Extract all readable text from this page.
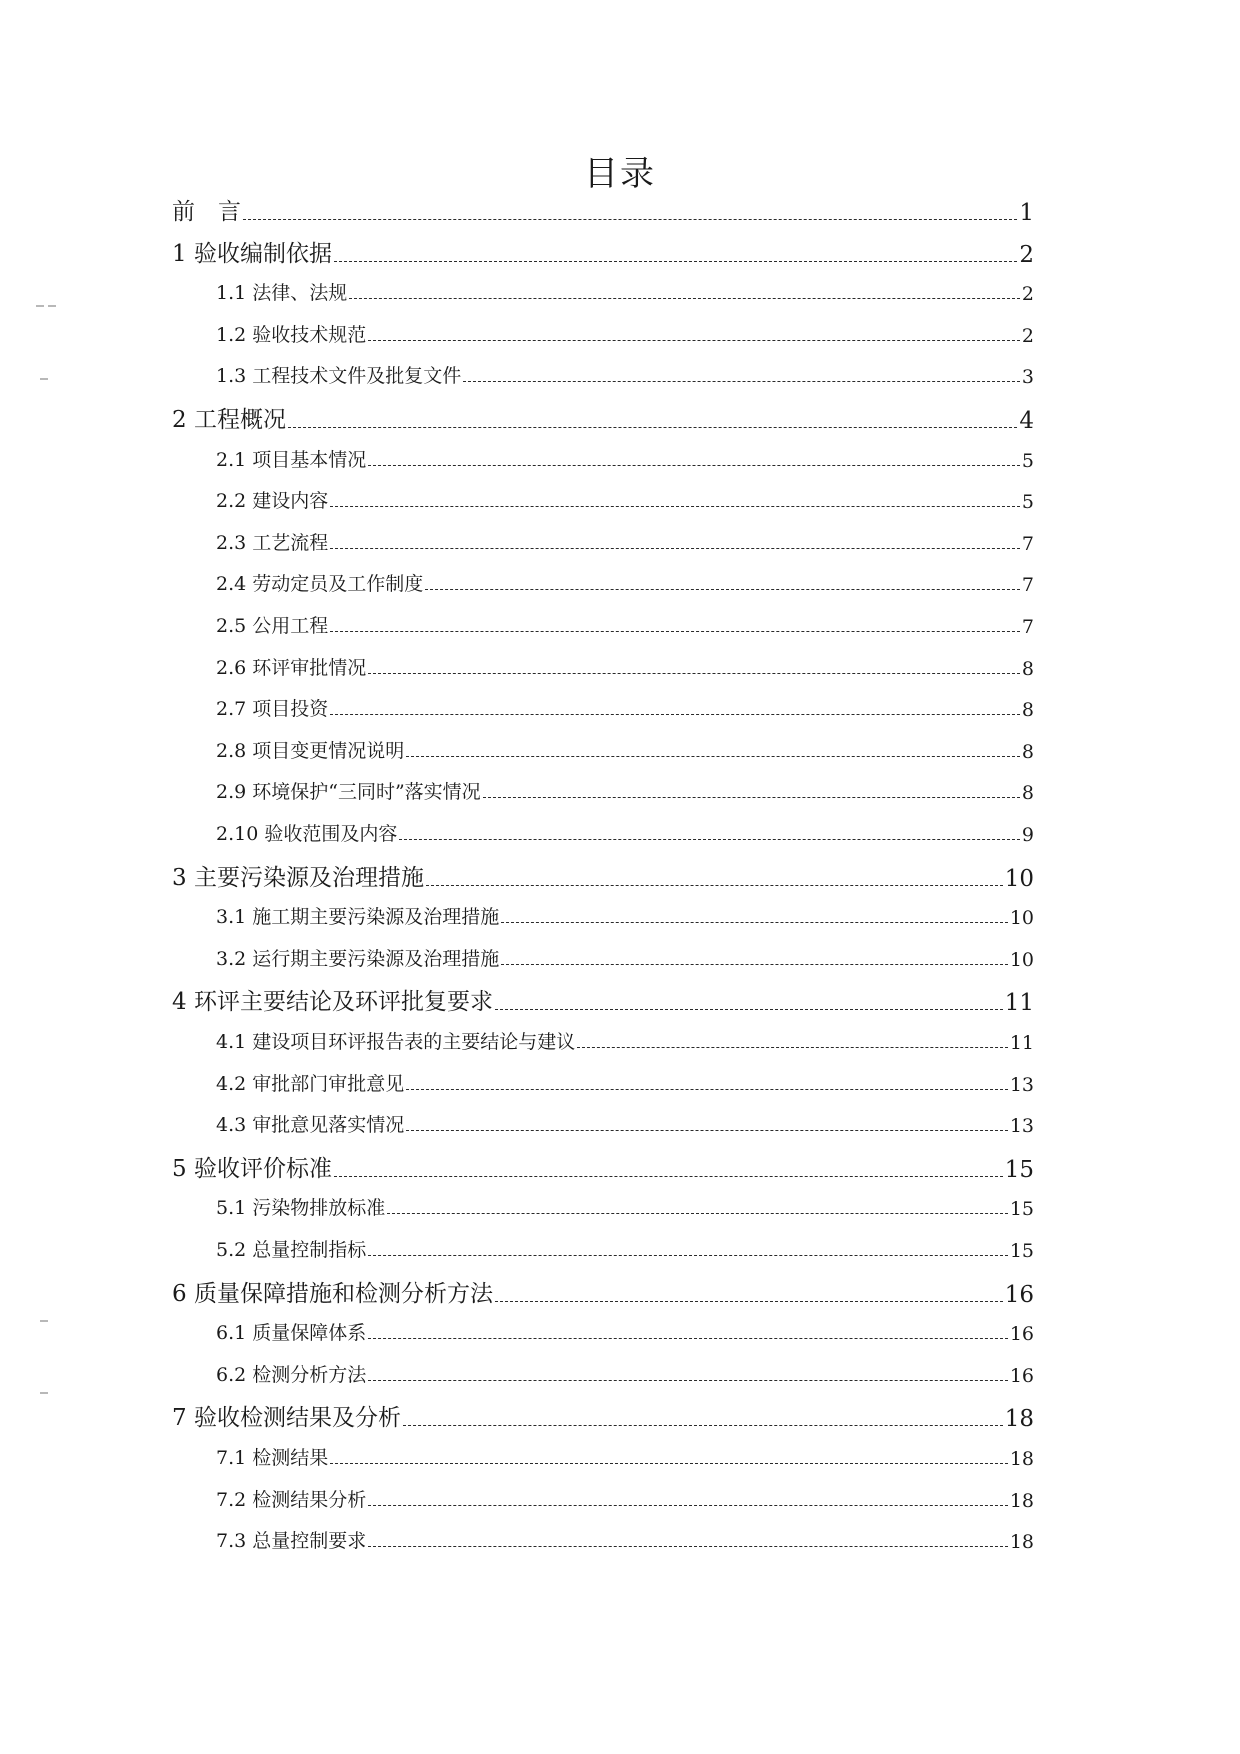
目录
前　言	1
1 验收编制依据	2
1.1 法律、法规	2
1.2 验收技术规范	2
1.3 工程技术文件及批复文件	3
2 工程概况	4
2.1 项目基本情况	5
2.2 建设内容	5
2.3 工艺流程	7
2.4 劳动定员及工作制度	7
2.5 公用工程	7
2.6 环评审批情况	8
2.7 项目投资	8
2.8 项目变更情况说明	8
2.9 环境保护“三同时”落实情况	8
2.10 验收范围及内容	9
3 主要污染源及治理措施	10
3.1 施工期主要污染源及治理措施	10
3.2 运行期主要污染源及治理措施	10
4 环评主要结论及环评批复要求	11
4.1 建设项目环评报告表的主要结论与建议	11
4.2 审批部门审批意见	13
4.3 审批意见落实情况	13
5 验收评价标准	15
5.1 污染物排放标准	15
5.2 总量控制指标	15
6 质量保障措施和检测分析方法	16
6.1 质量保障体系	16
6.2 检测分析方法	16
7 验收检测结果及分析	18
7.1 检测结果	18
7.2 检测结果分析	18
7.3 总量控制要求	18
